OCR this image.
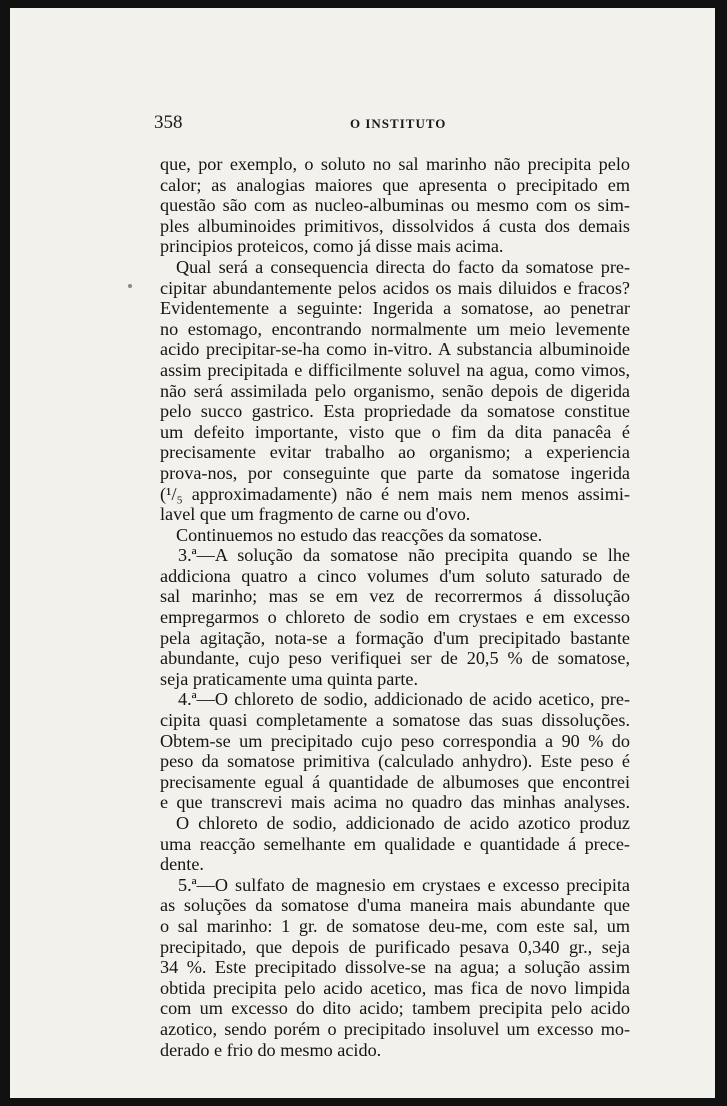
358	O INSTITUTO
que, por exemplo, o soluto no sal marinho não precipita pelo
calor; as analogias maiores que apresenta o precipitado em
questão são com as nucleo-albuminas ou mesmo com os sim-
ples albuminoides primitivos, dissolvidos á custa dos demais
principios proteicos, como já disse mais acima.
Qual será a consequencia directa do facto da somatose pre-
cipitar abundantemente pelos acidos os mais diluidos e fracos?
Evidentemente a seguinte: Ingerida a somatose, ao penetrar
no estomago, encontrando normalmente um meio levemente
acido precipitar-se-ha como in-vitro. A substancia albuminoide
assim precipitada e difficilmente soluvel na agua, como vimos,
não será assimilada pelo organismo, senão depois de digerida
pelo succo gastrico. Esta propriedade da somatose constitue
um defeito importante, visto que o fim da dita panacêa é
precisamente evitar trabalho ao organismo; a experiencia
prova-nos, por conseguinte que parte da somatose ingerida
(¹/₅ approximadamente) não é nem mais nem menos assimi-
lavel que um fragmento de carne ou d'ovo.
Continuemos no estudo das reacções da somatose.
3.ª—A solução da somatose não precipita quando se lhe
addiciona quatro a cinco volumes d'um soluto saturado de
sal marinho; mas se em vez de recorrermos á dissolução
empregarmos o chloreto de sodio em crystaes e em excesso
pela agitação, nota-se a formação d'um precipitado bastante
abundante, cujo peso verifiquei ser de 20,5 % de somatose,
seja praticamente uma quinta parte.
4.ª—O chloreto de sodio, addicionado de acido acetico, pre-
cipita quasi completamente a somatose das suas dissoluções.
Obtem-se um precipitado cujo peso correspondia a 90 % do
peso da somatose primitiva (calculado anhydro). Este peso é
precisamente egual á quantidade de albumoses que encontrei
e que transcrevi mais acima no quadro das minhas analyses.
O chloreto de sodio, addicionado de acido azotico produz
uma reacção semelhante em qualidade e quantidade á prece-
dente.
5.ª—O sulfato de magnesio em crystaes e excesso precipita
as soluções da somatose d'uma maneira mais abundante que
o sal marinho: 1 gr. de somatose deu-me, com este sal, um
precipitado, que depois de purificado pesava 0,340 gr., seja
34 %. Este precipitado dissolve-se na agua; a solução assim
obtida precipita pelo acido acetico, mas fica de novo limpida
com um excesso do dito acido; tambem precipita pelo acido
azotico, sendo porém o precipitado insoluvel um excesso mo-
derado e frio do mesmo acido.
